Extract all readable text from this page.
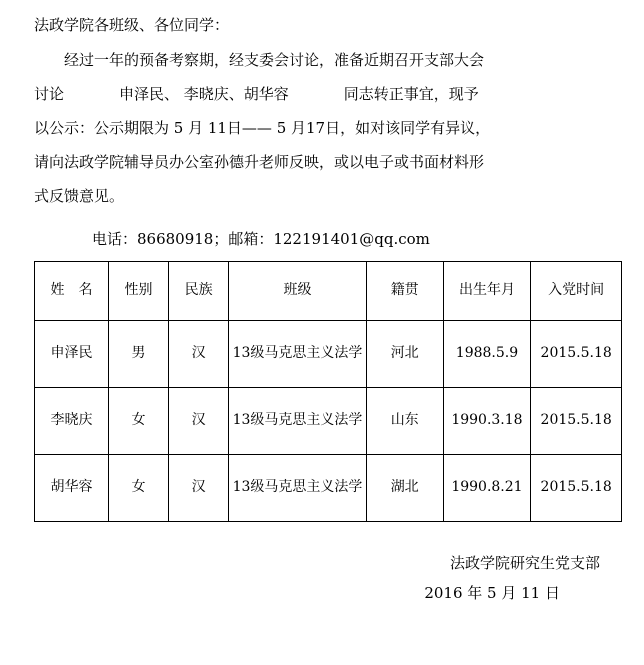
法政学院各班级、各位同学：
经过一年的预备考察期，经支委会讨论，准备近期召开支部大会
讨论	申泽民、 李晓庆、胡华容	同志转正事宜，现予
以公示：公示期限为 5 月 11日—— 5 月17日，如对该同学有异议，
请向法政学院辅导员办公室孙德升老师反映，或以电子或书面材料形
式反馈意见。
电话：86680918；邮箱：122191401@qq.com
姓　名	性别	民族	班级	籍贯	出生年月	入党时间
申泽民	男	汉	13级马克思主义法学	河北	1988.5.9	2015.5.18
李晓庆	女	汉	13级马克思主义法学	山东	1990.3.18	2015.5.18
胡华容	女	汉	13级马克思主义法学	湖北	1990.8.21	2015.5.18
法政学院研究生党支部
2016 年 5 月 11 日
